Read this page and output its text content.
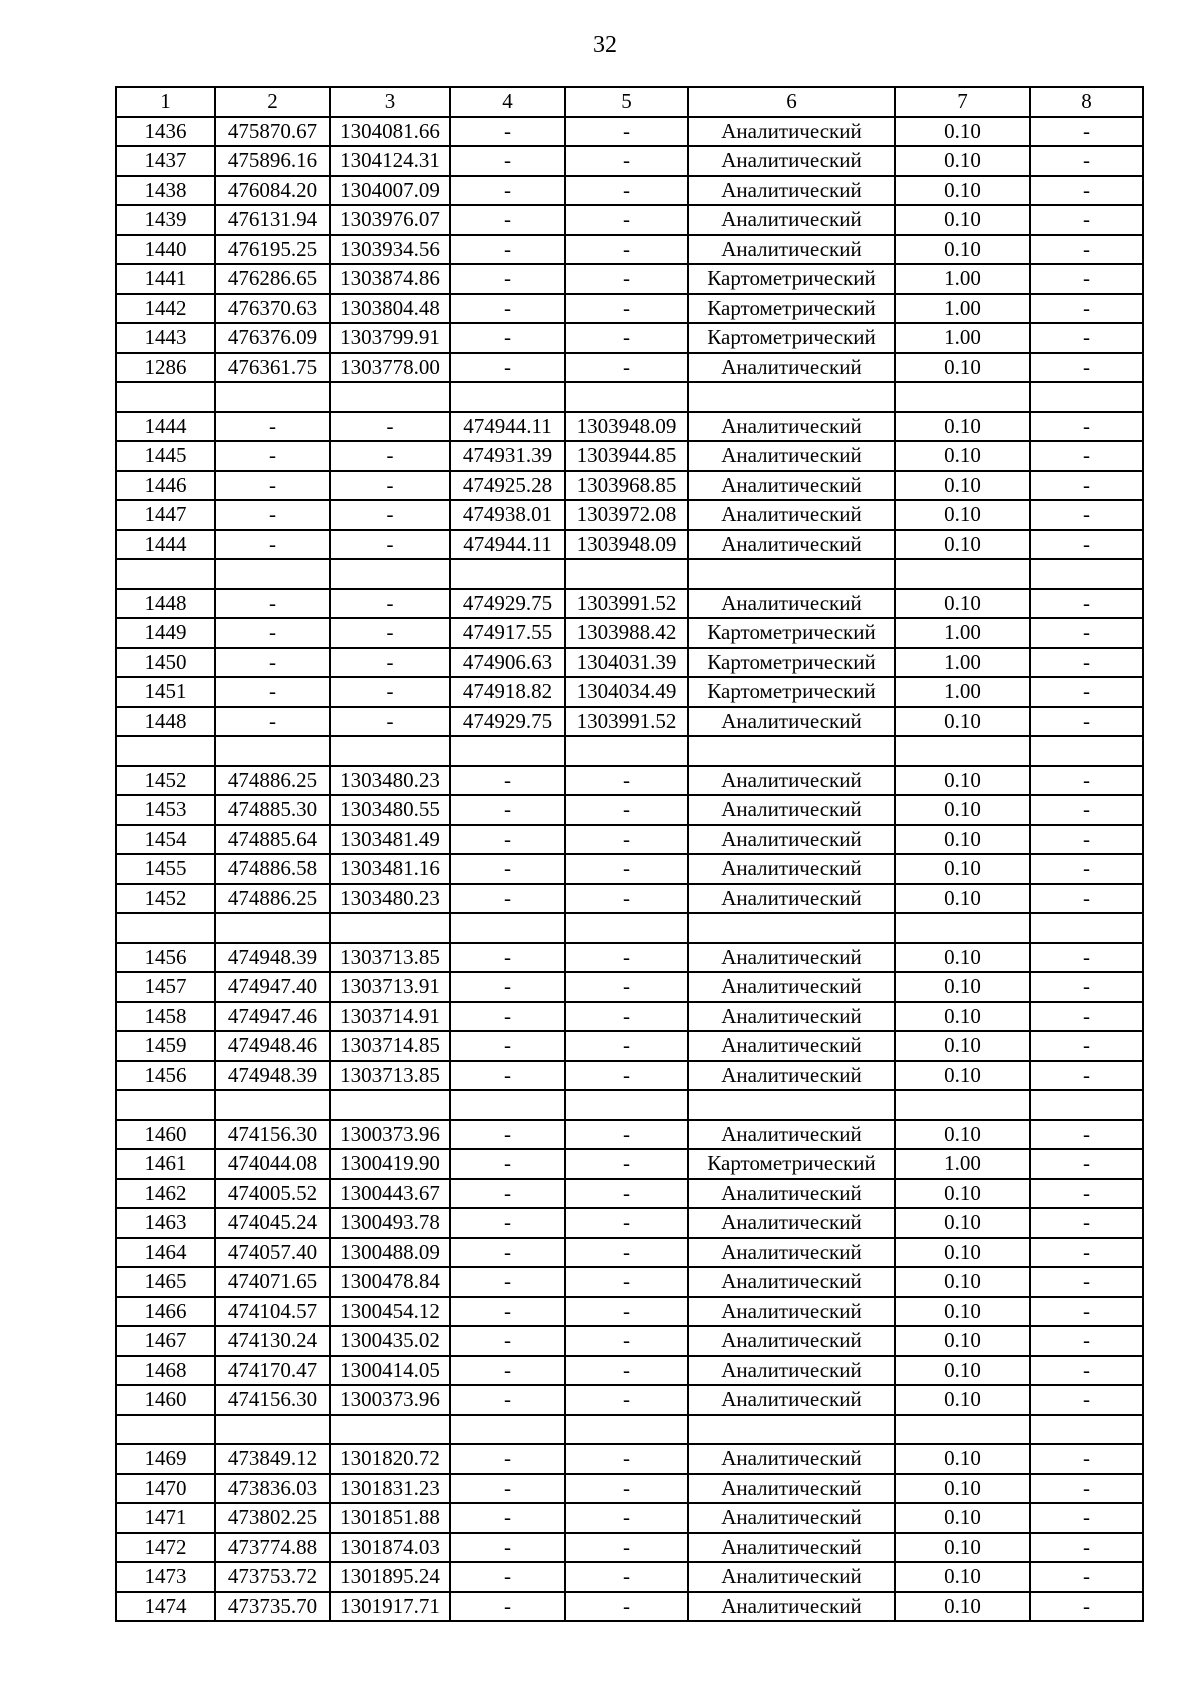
32
1	2	3	4	5	6	7	8
1436	475870.67	1304081.66	-	-	Аналитический	0.10	-
1437	475896.16	1304124.31	-	-	Аналитический	0.10	-
1438	476084.20	1304007.09	-	-	Аналитический	0.10	-
1439	476131.94	1303976.07	-	-	Аналитический	0.10	-
1440	476195.25	1303934.56	-	-	Аналитический	0.10	-
1441	476286.65	1303874.86	-	-	Картометрический	1.00	-
1442	476370.63	1303804.48	-	-	Картометрический	1.00	-
1443	476376.09	1303799.91	-	-	Картометрический	1.00	-
1286	476361.75	1303778.00	-	-	Аналитический	0.10	-

1444	-	-	474944.11	1303948.09	Аналитический	0.10	-
1445	-	-	474931.39	1303944.85	Аналитический	0.10	-
1446	-	-	474925.28	1303968.85	Аналитический	0.10	-
1447	-	-	474938.01	1303972.08	Аналитический	0.10	-
1444	-	-	474944.11	1303948.09	Аналитический	0.10	-

1448	-	-	474929.75	1303991.52	Аналитический	0.10	-
1449	-	-	474917.55	1303988.42	Картометрический	1.00	-
1450	-	-	474906.63	1304031.39	Картометрический	1.00	-
1451	-	-	474918.82	1304034.49	Картометрический	1.00	-
1448	-	-	474929.75	1303991.52	Аналитический	0.10	-

1452	474886.25	1303480.23	-	-	Аналитический	0.10	-
1453	474885.30	1303480.55	-	-	Аналитический	0.10	-
1454	474885.64	1303481.49	-	-	Аналитический	0.10	-
1455	474886.58	1303481.16	-	-	Аналитический	0.10	-
1452	474886.25	1303480.23	-	-	Аналитический	0.10	-

1456	474948.39	1303713.85	-	-	Аналитический	0.10	-
1457	474947.40	1303713.91	-	-	Аналитический	0.10	-
1458	474947.46	1303714.91	-	-	Аналитический	0.10	-
1459	474948.46	1303714.85	-	-	Аналитический	0.10	-
1456	474948.39	1303713.85	-	-	Аналитический	0.10	-

1460	474156.30	1300373.96	-	-	Аналитический	0.10	-
1461	474044.08	1300419.90	-	-	Картометрический	1.00	-
1462	474005.52	1300443.67	-	-	Аналитический	0.10	-
1463	474045.24	1300493.78	-	-	Аналитический	0.10	-
1464	474057.40	1300488.09	-	-	Аналитический	0.10	-
1465	474071.65	1300478.84	-	-	Аналитический	0.10	-
1466	474104.57	1300454.12	-	-	Аналитический	0.10	-
1467	474130.24	1300435.02	-	-	Аналитический	0.10	-
1468	474170.47	1300414.05	-	-	Аналитический	0.10	-
1460	474156.30	1300373.96	-	-	Аналитический	0.10	-

1469	473849.12	1301820.72	-	-	Аналитический	0.10	-
1470	473836.03	1301831.23	-	-	Аналитический	0.10	-
1471	473802.25	1301851.88	-	-	Аналитический	0.10	-
1472	473774.88	1301874.03	-	-	Аналитический	0.10	-
1473	473753.72	1301895.24	-	-	Аналитический	0.10	-
1474	473735.70	1301917.71	-	-	Аналитический	0.10	-
